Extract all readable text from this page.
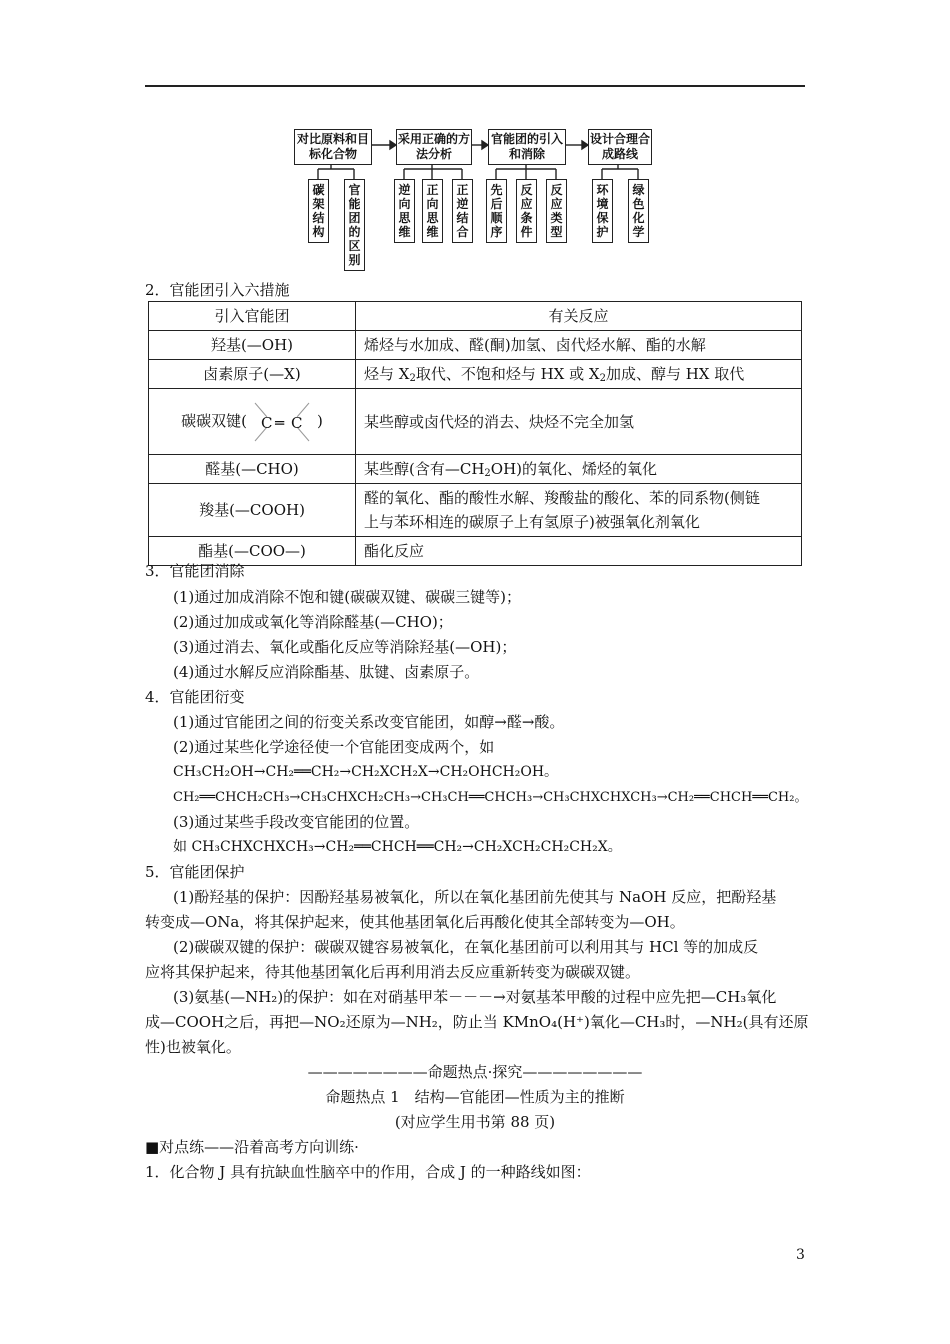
对比原料和目标化合物
采用正确的方法分析
官能团的引入和消除
设计合理合成路线
碳架结构
官能团的区别
逆向思维
正向思维
正逆结合
先后顺序
反应条件
反应类型
环境保护
绿色化学
2．官能团引入六措施
引入官能团	有关反应
羟基(—OH)	烯烃与水加成、醛(酮)加氢、卤代烃水解、酯的水解
卤素原子(—X)	烃与 $X_2$取代、不饱和烃与 HX 或 $X_2$加成、醇与 HX 取代
碳碳双键( C ═ C )	某些醇或卤代烃的消去、炔烃不完全加氢
醛基(—CHO)	某些醇(含有$—CH_2OH$)的氧化、烯烃的氧化
羧基(—COOH)	醛的氧化、酯的酸性水解、羧酸盐的酸化、苯的同系物(侧链
上与苯环相连的碳原子上有氢原子)被强氧化剂氧化

酯基(—COO—)	酯化反应
3．官能团消除
(1)通过加成消除不饱和键(碳碳双键、碳碳三键等)；
(2)通过加成或氧化等消除醛基(—CHO)；
(3)通过消去、氧化或酯化反应等消除羟基(—OH)；
(4)通过水解反应消除酯基、肽键、卤素原子。
4．官能团衍变
(1)通过官能团之间的衍变关系改变官能团，如醇→醛→酸。
(2)通过某些化学途径使一个官能团变成两个，如
CH₃CH₂OH→CH₂══CH₂→CH₂XCH₂X→CH₂OHCH₂OH。
CH₂══CHCH₂CH₃→CH₃CHXCH₂CH₃→CH₃CH══CHCH₃→CH₃CHXCHXCH₃→CH₂══CHCH══CH₂。
(3)通过某些手段改变官能团的位置。
如 CH₃CHXCHXCH₃→CH₂══CHCH══CH₂→CH₂XCH₂CH₂CH₂X。
5．官能团保护
(1)酚羟基的保护：因酚羟基易被氧化，所以在氧化基团前先使其与 NaOH 反应，把酚羟基
转变成—ONa，将其保护起来，使其他基团氧化后再酸化使其全部转变为—OH。
(2)碳碳双键的保护：碳碳双键容易被氧化，在氧化基团前可以利用其与 HCl 等的加成反
应将其保护起来，待其他基团氧化后再利用消去反应重新转变为碳碳双键。
(3)氨基(—NH₂)的保护：如在对硝基甲苯－－－→对氨基苯甲酸的过程中应先把—CH₃氧化
成—COOH之后，再把—NO₂还原为—NH₂，防止当 KMnO₄(H⁺)氧化—CH₃时，—NH₂(具有还原
性)也被氧化。
————————命题热点·探究————————
命题热点 1　结构—官能团—性质为主的推断
(对应学生用书第 88 页)
■对点练——沿着高考方向训练·
1．化合物 J 具有抗缺血性脑卒中的作用，合成 J 的一种路线如图：
3
